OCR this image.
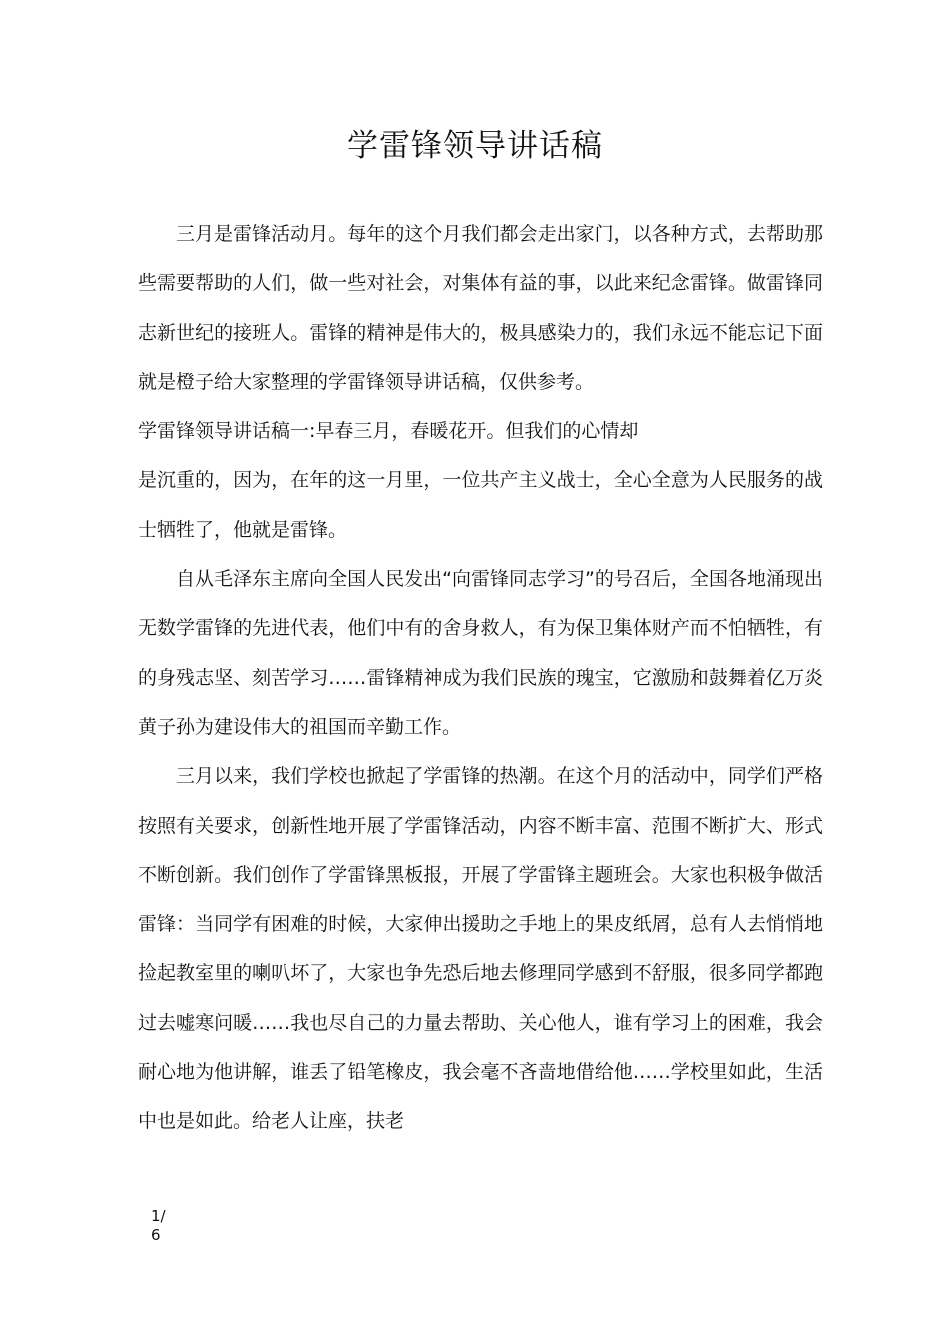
学雷锋领导讲话稿

三月是雷锋活动月。每年的这个月我们都会走出家门，以各种方式，去帮助那些需要帮助的人们，做一些对社会，对集体有益的事，以此来纪念雷锋。做雷锋同志新世纪的接班人。雷锋的精神是伟大的，极具感染力的，我们永远不能忘记下面就是橙子给大家整理的学雷锋领导讲话稿，仅供参考。

学雷锋领导讲话稿一:早春三月，春暖花开。但我们的心情却

是沉重的，因为，在年的这一月里，一位共产主义战士，全心全意为人民服务的战士牺牲了，他就是雷锋。

自从毛泽东主席向全国人民发出“向雷锋同志学习”的号召后，全国各地涌现出无数学雷锋的先进代表，他们中有的舍身救人，有为保卫集体财产而不怕牺牲，有的身残志坚、刻苦学习……雷锋精神成为我们民族的瑰宝，它激励和鼓舞着亿万炎黄子孙为建设伟大的祖国而辛勤工作。

三月以来，我们学校也掀起了学雷锋的热潮。在这个月的活动中，同学们严格按照有关要求，创新性地开展了学雷锋活动，内容不断丰富、范围不断扩大、形式不断创新。我们创作了学雷锋黑板报，开展了学雷锋主题班会。大家也积极争做活雷锋：当同学有困难的时候，大家伸出援助之手地上的果皮纸屑，总有人去悄悄地捡起教室里的喇叭坏了，大家也争先恐后地去修理同学感到不舒服，很多同学都跑过去嘘寒问暖……我也尽自己的力量去帮助、关心他人，谁有学习上的困难，我会耐心地为他讲解，谁丢了铅笔橡皮，我会毫不吝啬地借给他……学校里如此，生活中也是如此。给老人让座，扶老

1/6
